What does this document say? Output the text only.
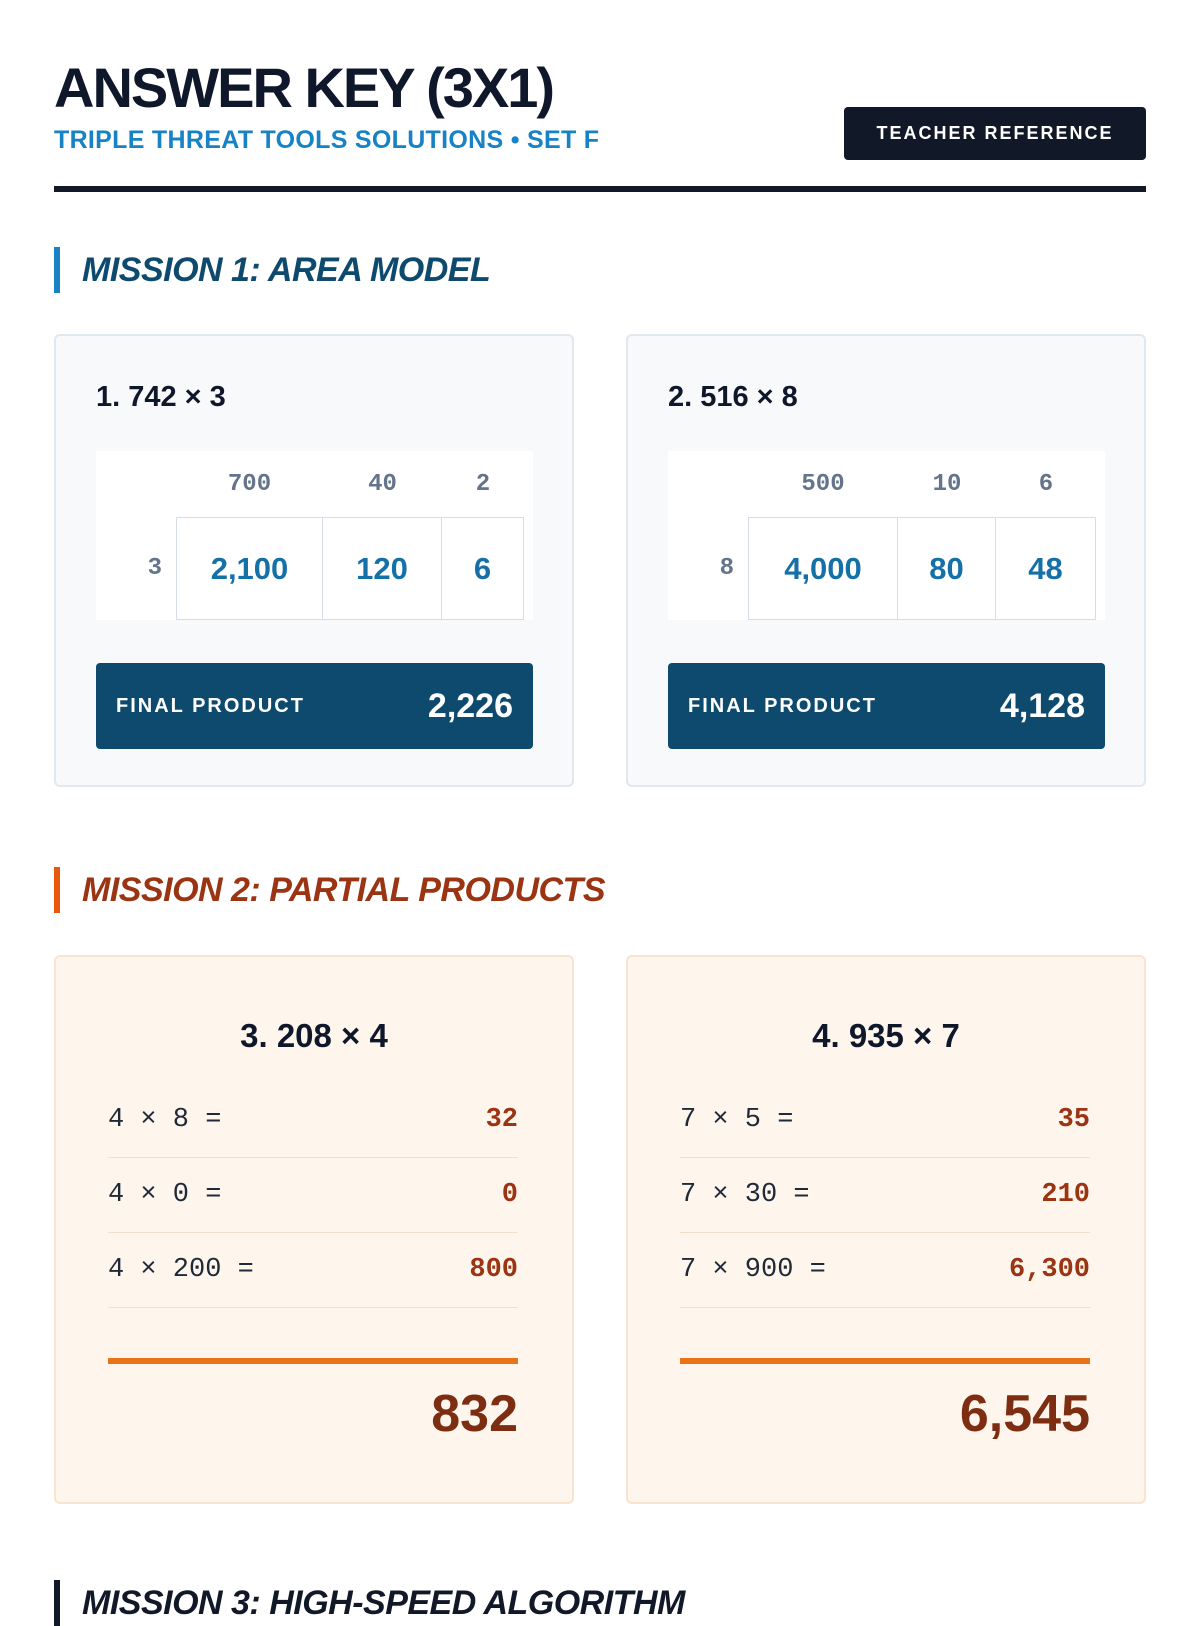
ANSWER KEY (3X1)
TRIPLE THREAT TOOLS SOLUTIONS • SET F	TEACHER REFERENCE
MISSION 1: AREA MODEL
1. 742 × 3
700	40	2
3	2,100	120	6
FINAL PRODUCT	2,226
2. 516 × 8
500	10	6
8	4,000	80	48
FINAL PRODUCT	4,128
MISSION 2: PARTIAL PRODUCTS
3. 208 × 4	4. 935 × 7
4 × 8 =	32
4 × 0 =	0
4 × 200 =	800
832
7 × 5 =	35
7 × 30 =	210
7 × 900 =	6,300
6,545
MISSION 3: HIGH-SPEED ALGORITHM
